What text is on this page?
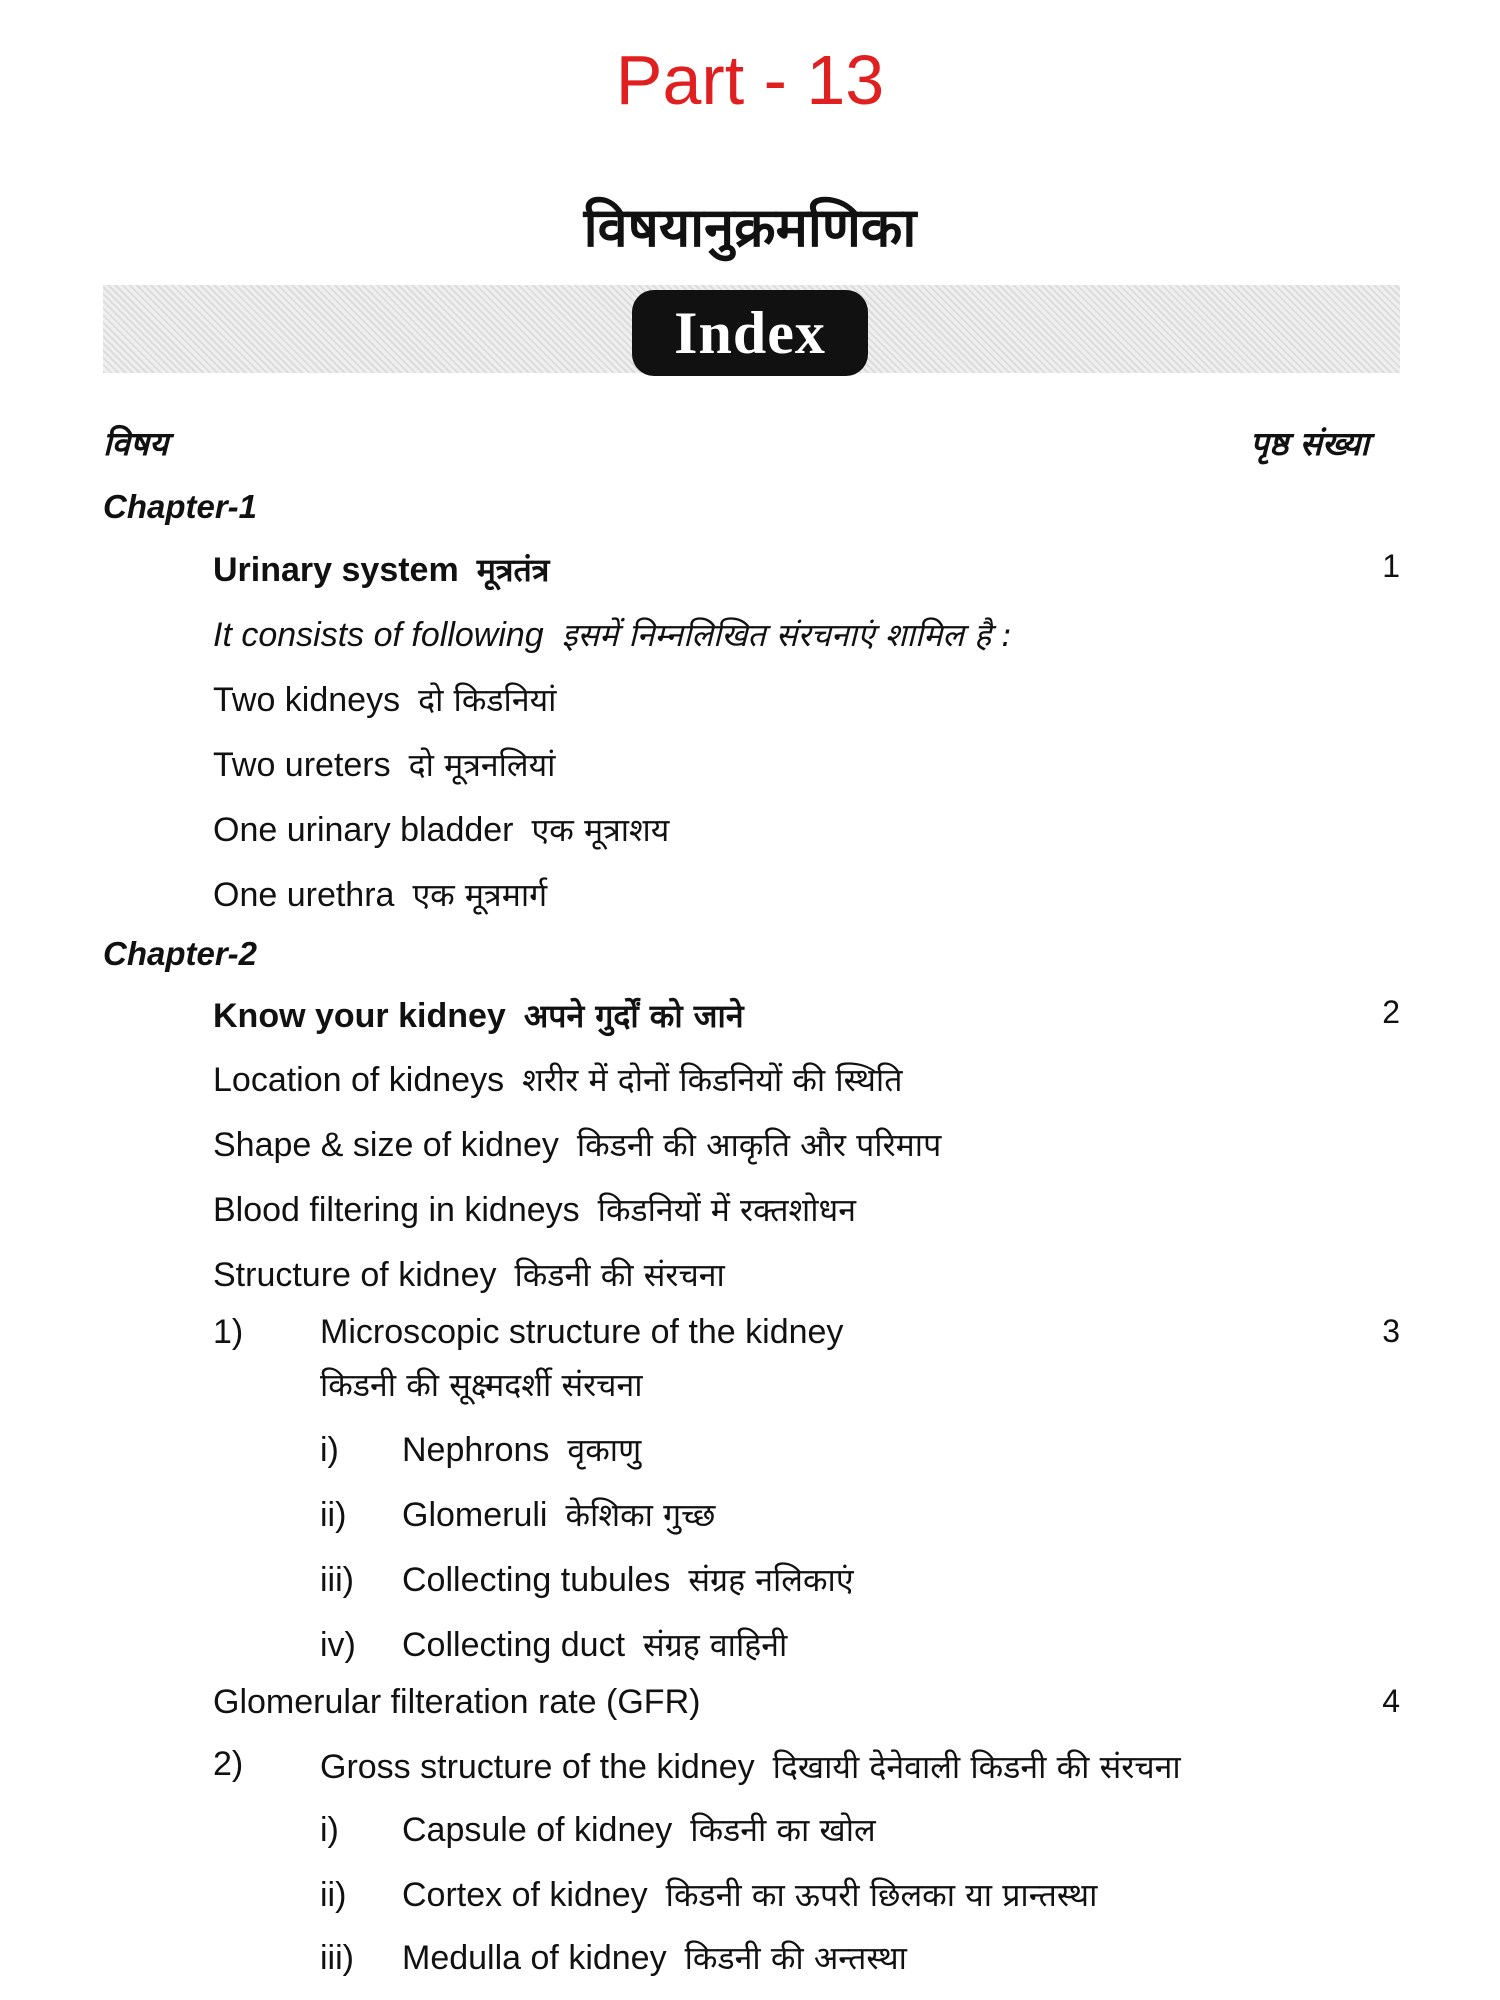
Part - 13
विषयानुक्रमणिका
Index
विषय	पृष्ठ संख्या
Chapter-1
Urinary system मूत्रतंत्र	1
It consists of following इसमें निम्नलिखित संरचनाएं शामिल है :
Two kidneys दो किडनियां
Two ureters दो मूत्रनलियां
One urinary bladder एक मूत्राशय
One urethra एक मूत्रमार्ग
Chapter-2
Know your kidney अपने गुर्दों को जाने	2
Location of kidneys शरीर में दोनों किडनियों की स्थिति
Shape & size of kidney किडनी की आकृति और परिमाप
Blood filtering in kidneys किडनियों में रक्तशोधन
Structure of kidney किडनी की संरचना
1) Microscopic structure of the kidney	3
किडनी की सूक्ष्मदर्शी संरचना
i) Nephrons वृकाणु
ii) Glomeruli केशिका गुच्छ
iii) Collecting tubules संग्रह नलिकाएं
iv) Collecting duct संग्रह वाहिनी
Glomerular filteration rate (GFR)	4
2) Gross structure of the kidney दिखायी देनेवाली किडनी की संरचना
i) Capsule of kidney किडनी का खोल
ii) Cortex of kidney किडनी का ऊपरी छिलका या प्रान्तस्था
iii) Medulla of kidney किडनी की अन्तस्था
